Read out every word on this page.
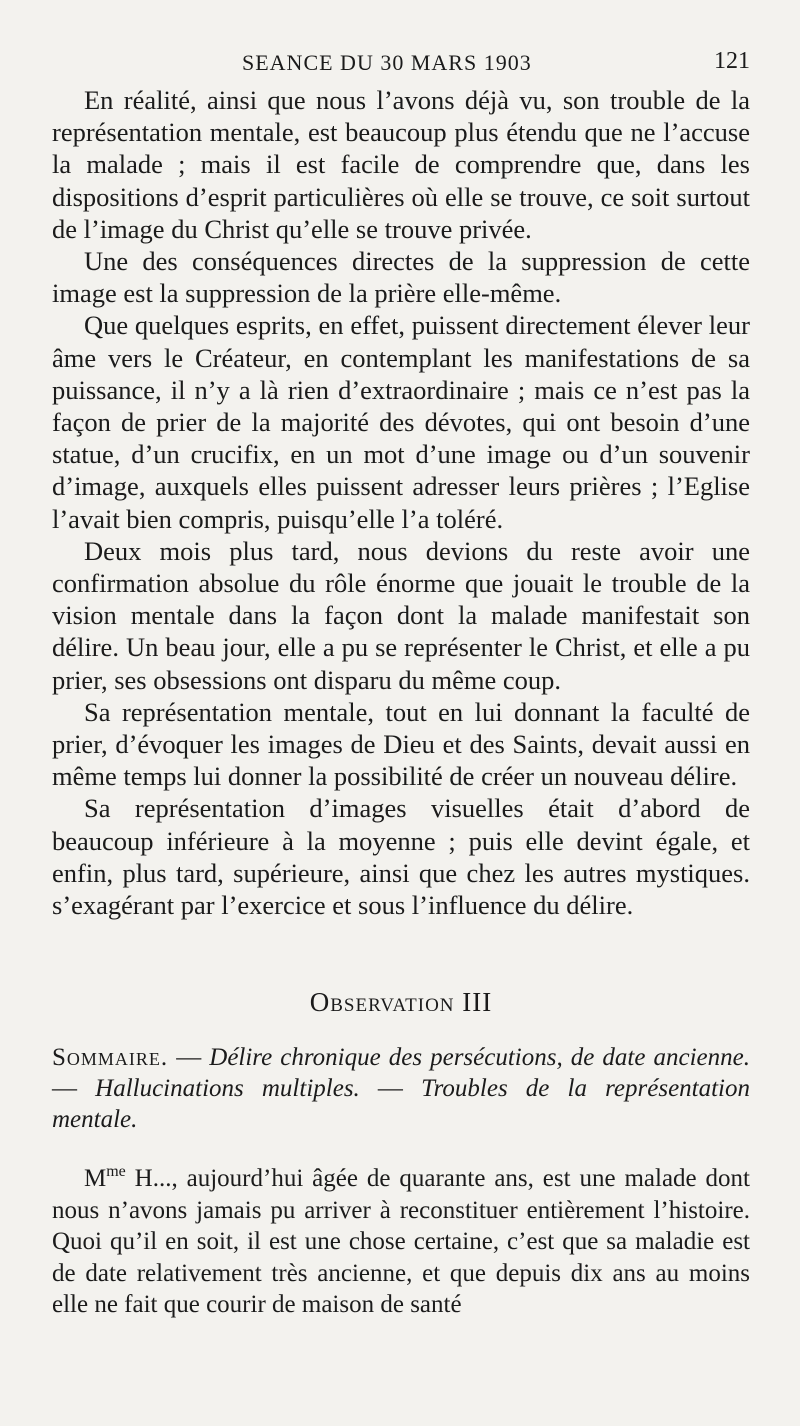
SEANCE DU 30 MARS 1903	121

En réalité, ainsi que nous l’avons déjà vu, son trouble de la représentation mentale, est beaucoup plus étendu que ne l’accuse la malade ; mais il est facile de comprendre que, dans les dispositions d’esprit particulières où elle se trouve, ce soit surtout de l’image du Christ qu’elle se trouve privée.

Une des conséquences directes de la suppression de cette image est la suppression de la prière elle-même.

Que quelques esprits, en effet, puissent directement élever leur âme vers le Créateur, en contemplant les manifestations de sa puissance, il n’y a là rien d’extraordinaire ; mais ce n’est pas la façon de prier de la majorité des dévotes, qui ont besoin d’une statue, d’un crucifix, en un mot d’une image ou d’un souvenir d’image, auxquels elles puissent adresser leurs prières ; l’Eglise l’avait bien compris, puisqu’elle l’a toléré.

Deux mois plus tard, nous devions du reste avoir une confirmation absolue du rôle énorme que jouait le trouble de la vision mentale dans la façon dont la malade manifestait son délire. Un beau jour, elle a pu se représenter le Christ, et elle a pu prier, ses obsessions ont disparu du même coup.

Sa représentation mentale, tout en lui donnant la faculté de prier, d’évoquer les images de Dieu et des Saints, devait aussi en même temps lui donner la possibilité de créer un nouveau délire.

Sa représentation d’images visuelles était d’abord de beaucoup inférieure à la moyenne ; puis elle devint égale, et enfin, plus tard, supérieure, ainsi que chez les autres mystiques. s’exagérant par l’exercice et sous l’influence du délire.

Observation III

Sommaire. — Délire chronique des persécutions, de date ancienne. — Hallucinations multiples. — Troubles de la représentation mentale.

$M^{me}$ H..., aujourd’hui âgée de quarante ans, est une malade dont nous n’avons jamais pu arriver à reconstituer entièrement l’histoire. Quoi qu’il en soit, il est une chose certaine, c’est que sa maladie est de date relativement très ancienne, et que depuis dix ans au moins elle ne fait que courir de maison de santé
